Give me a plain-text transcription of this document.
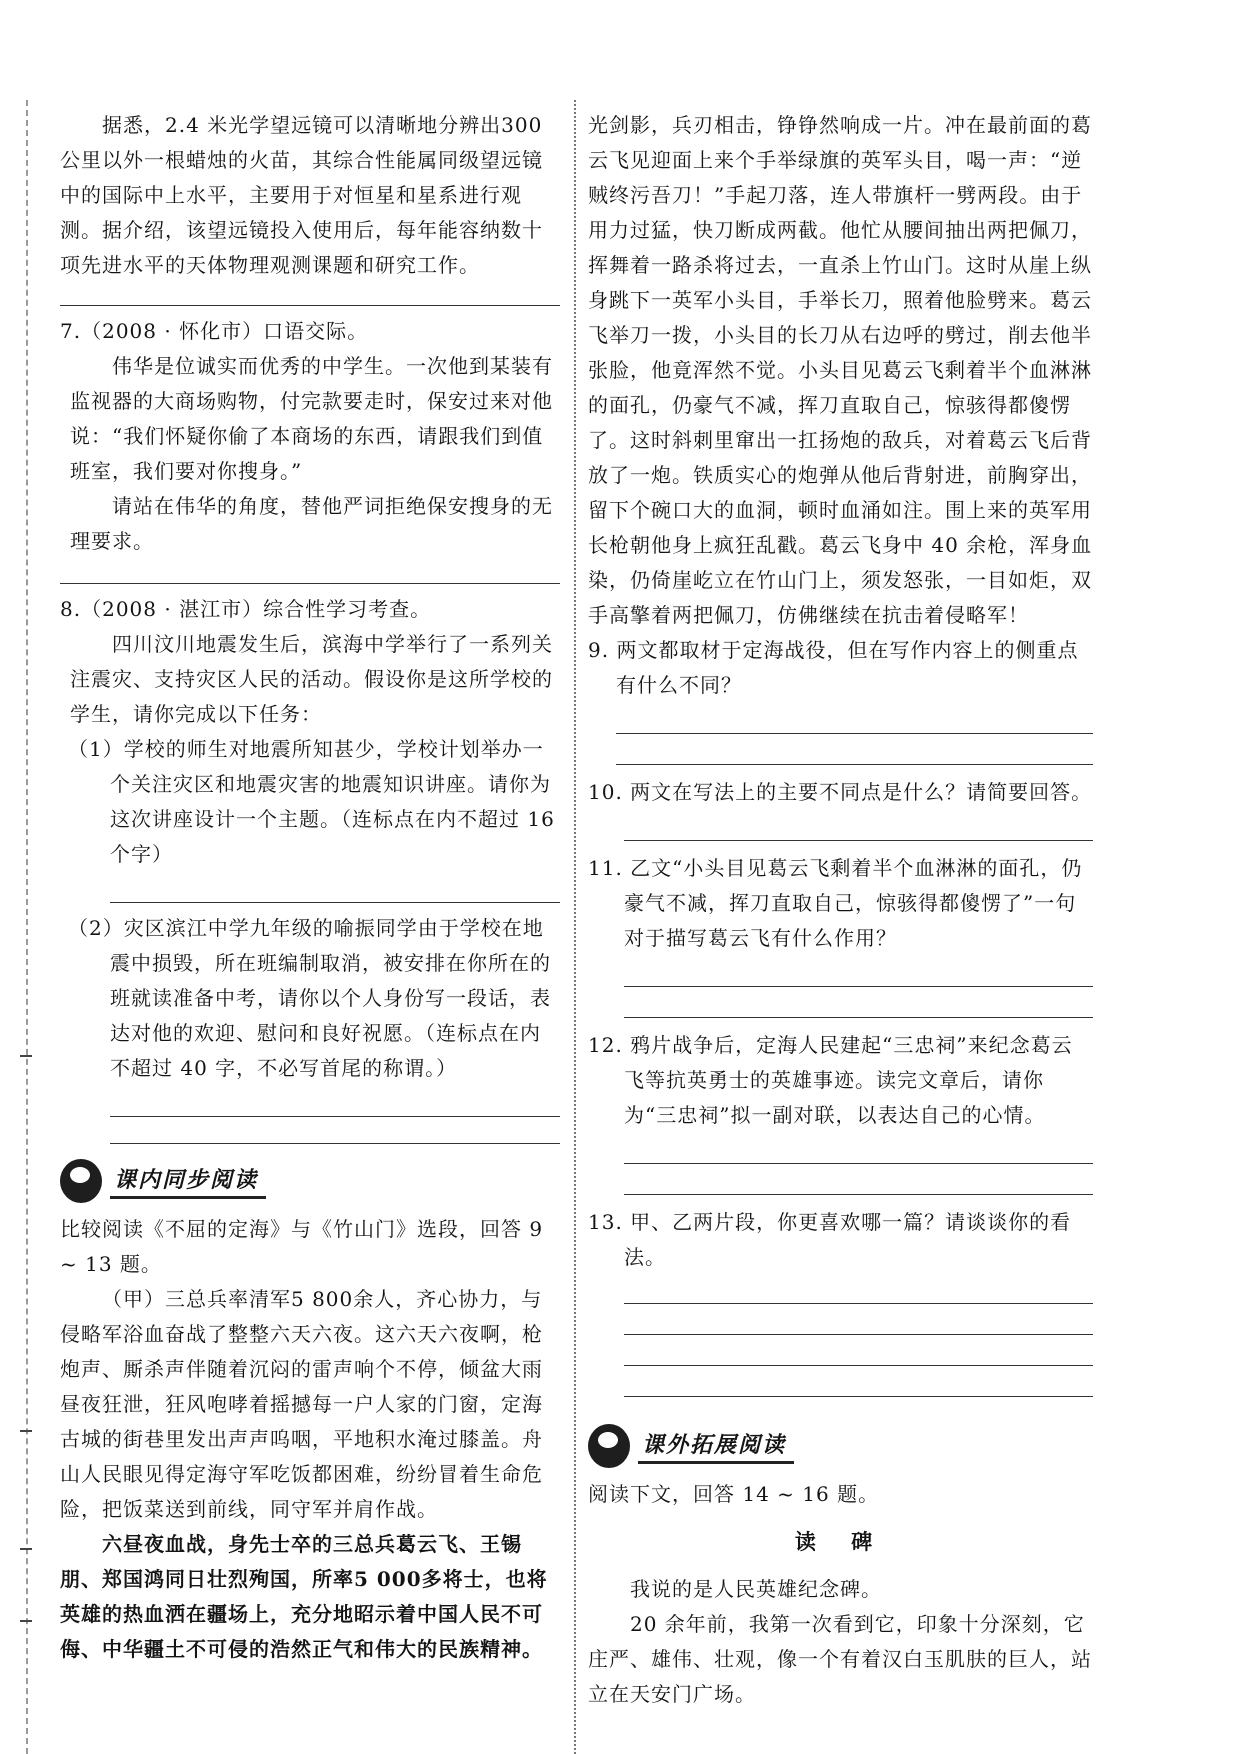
据悉，2.4 米光学望远镜可以清晰地分辨出300 公里以外一根蜡烛的火苗，其综合性能属同级望远镜中的国际中上水平，主要用于对恒星和星系进行观测。据介绍，该望远镜投入使用后，每年能容纳数十项先进水平的天体物理观测课题和研究工作。

7.（2008 · 怀化市）口语交际。

伟华是位诚实而优秀的中学生。一次他到某装有监视器的大商场购物，付完款要走时，保安过来对他说：“我们怀疑你偷了本商场的东西，请跟我们到值班室，我们要对你搜身。”

请站在伟华的角度，替他严词拒绝保安搜身的无理要求。

8.（2008 · 湛江市）综合性学习考查。

四川汶川地震发生后，滨海中学举行了一系列关注震灾、支持灾区人民的活动。假设你是这所学校的学生，请你完成以下任务：

（1）学校的师生对地震所知甚少，学校计划举办一个关注灾区和地震灾害的地震知识讲座。请你为这次讲座设计一个主题。（连标点在内不超过 16 个字）

（2）灾区滨江中学九年级的喻振同学由于学校在地震中损毁，所在班编制取消，被安排在你所在的班就读准备中考，请你以个人身份写一段话，表达对他的欢迎、慰问和良好祝愿。（连标点在内不超过 40 字，不必写首尾的称谓。）

课内同步阅读

比较阅读《不屈的定海》与《竹山门》选段，回答 9 ~ 13 题。

（甲）三总兵率清军5 800余人，齐心协力，与侵略军浴血奋战了整整六天六夜。这六天六夜啊，枪炮声、厮杀声伴随着沉闷的雷声响个不停，倾盆大雨昼夜狂泄，狂风咆哮着摇撼每一户人家的门窗，定海古城的街巷里发出声声呜咽，平地积水淹过膝盖。舟山人民眼见得定海守军吃饭都困难，纷纷冒着生命危险，把饭菜送到前线，同守军并肩作战。

六昼夜血战，身先士卒的三总兵葛云飞、王锡朋、郑国鸿同日壮烈殉国，所率5 000多将士，也将英雄的热血洒在疆场上，充分地昭示着中国人民不可侮、中华疆土不可侵的浩然正气和伟大的民族精神。

光剑影，兵刃相击，铮铮然响成一片。冲在最前面的葛云飞见迎面上来个手举绿旗的英军头目，喝一声：“逆贼终污吾刀！”手起刀落，连人带旗杆一劈两段。由于用力过猛，快刀断成两截。他忙从腰间抽出两把佩刀，挥舞着一路杀将过去，一直杀上竹山门。这时从崖上纵身跳下一英军小头目，手举长刀，照着他脸劈来。葛云飞举刀一拨，小头目的长刀从右边呼的劈过，削去他半张脸，他竟浑然不觉。小头目见葛云飞剩着半个血淋淋的面孔，仍豪气不减，挥刀直取自己，惊骇得都傻愣了。这时斜刺里窜出一扛扬炮的敌兵，对着葛云飞后背放了一炮。铁质实心的炮弹从他后背射进，前胸穿出，留下个碗口大的血洞，顿时血涌如注。围上来的英军用长枪朝他身上疯狂乱戳。葛云飞身中 40 余枪，浑身血染，仍倚崖屹立在竹山门上，须发怒张，一目如炬，双手高擎着两把佩刀，仿佛继续在抗击着侵略军！

9. 两文都取材于定海战役，但在写作内容上的侧重点有什么不同？

10. 两文在写法上的主要不同点是什么？请简要回答。

11. 乙文“小头目见葛云飞剩着半个血淋淋的面孔，仍豪气不减，挥刀直取自己，惊骇得都傻愣了”一句对于描写葛云飞有什么作用？

12. 鸦片战争后，定海人民建起“三忠祠”来纪念葛云飞等抗英勇士的英雄事迹。读完文章后，请你为“三忠祠”拟一副对联，以表达自己的心情。

13. 甲、乙两片段，你更喜欢哪一篇？请谈谈你的看法。

课外拓展阅读

阅读下文，回答 14 ~ 16 题。

读 碑

我说的是人民英雄纪念碑。

20 余年前，我第一次看到它，印象十分深刻，它庄严、雄伟、壮观，像一个有着汉白玉肌肤的巨人，站立在天安门广场。
